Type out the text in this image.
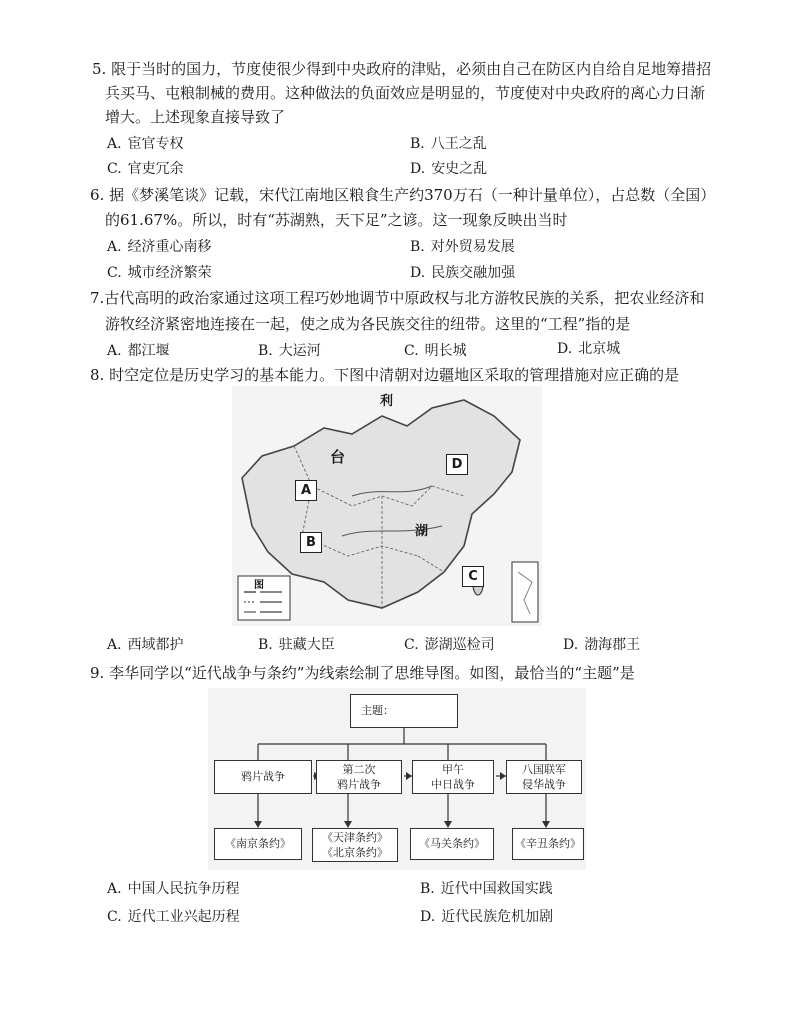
5. 限于当时的国力，节度使很少得到中央政府的津贴，必须由自己在防区内自给自足地筹措招
兵买马、屯粮制械的费用。这种做法的负面效应是明显的，节度使对中央政府的离心力日渐
增大。上述现象直接导致了
A. 宦官专权	B. 八王之乱
C. 官吏冗余	D. 安史之乱
6. 据《梦溪笔谈》记载，宋代江南地区粮食生产约370万石（一种计量单位），占总数（全国）
的61.67%。所以，时有“苏湖熟，天下足”之谚。这一现象反映出当时
A. 经济重心南移	B. 对外贸易发展
C. 城市经济繁荣	D. 民族交融加强
7.古代高明的政治家通过这项工程巧妙地调节中原政权与北方游牧民族的关系，把农业经济和
游牧经济紧密地连接在一起，使之成为各民族交往的纽带。这里的“工程”指的是
A. 都江堰	B. 大运河	C. 明长城	D. 北京城
8. 时空定位是历史学习的基本能力。下图中清朝对边疆地区采取的管理措施对应正确的是
利
台
湖
图
A
B
C
D
A. 西域都护	B. 驻藏大臣	C. 澎湖巡检司	D. 渤海郡王
9. 李华同学以“近代战争与条约”为线索绘制了思维导图。如图，最恰当的“主题”是
主题：
鸦片战争
第二次
鸦片战争
甲午
中日战争
八国联军
侵华战争
《南京条约》	《天津条约》
《北京条约》
《马关条约》	《辛丑条约》
A. 中国人民抗争历程	B. 近代中国救国实践
C. 近代工业兴起历程	D. 近代民族危机加剧
